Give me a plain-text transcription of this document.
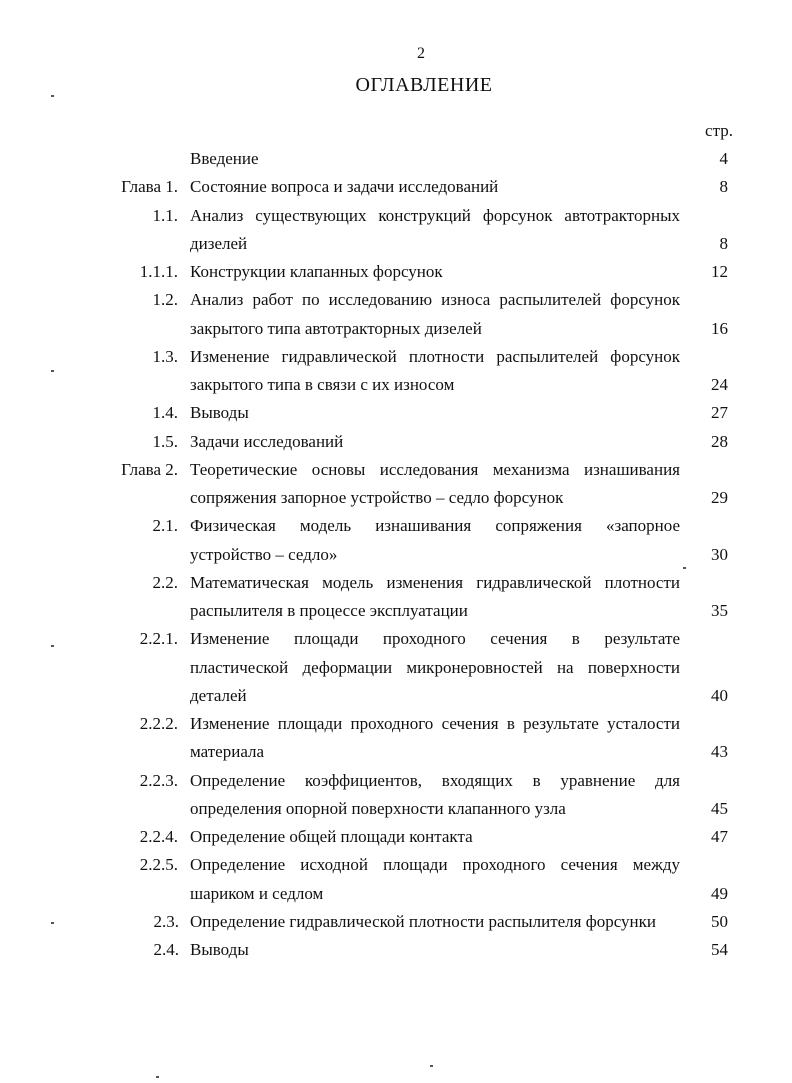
2
ОГЛАВЛЕНИЕ
стр.
Введение	4
Глава 1. Состояние вопроса и задачи исследований	8
1.1. Анализ существующих конструкций форсунок автотракторных дизелей	8
1.1.1. Конструкции клапанных форсунок	12
1.2. Анализ работ по исследованию износа распылителей форсунок закрытого типа автотракторных дизелей	16
1.3. Изменение гидравлической плотности распылителей форсунок закрытого типа в связи с их износом	24
1.4. Выводы	27
1.5. Задачи исследований	28
Глава 2. Теоретические основы исследования механизма изнашивания сопряжения запорное устройство – седло форсунок	29
2.1. Физическая модель изнашивания сопряжения «запорное устройство – седло»	30
2.2. Математическая модель изменения гидравлической плотности распылителя в процессе эксплуатации	35
2.2.1. Изменение площади проходного сечения в результате пластической деформации микронеровностей на поверхности деталей	40
2.2.2. Изменение площади проходного сечения в результате усталости материала	43
2.2.3. Определение коэффициентов, входящих в уравнение для определения опорной поверхности клапанного узла	45
2.2.4. Определение общей площади контакта	47
2.2.5. Определение исходной площади проходного сечения между шариком и седлом	49
2.3. Определение гидравлической плотности распылителя форсунки	50
2.4. Выводы	54
